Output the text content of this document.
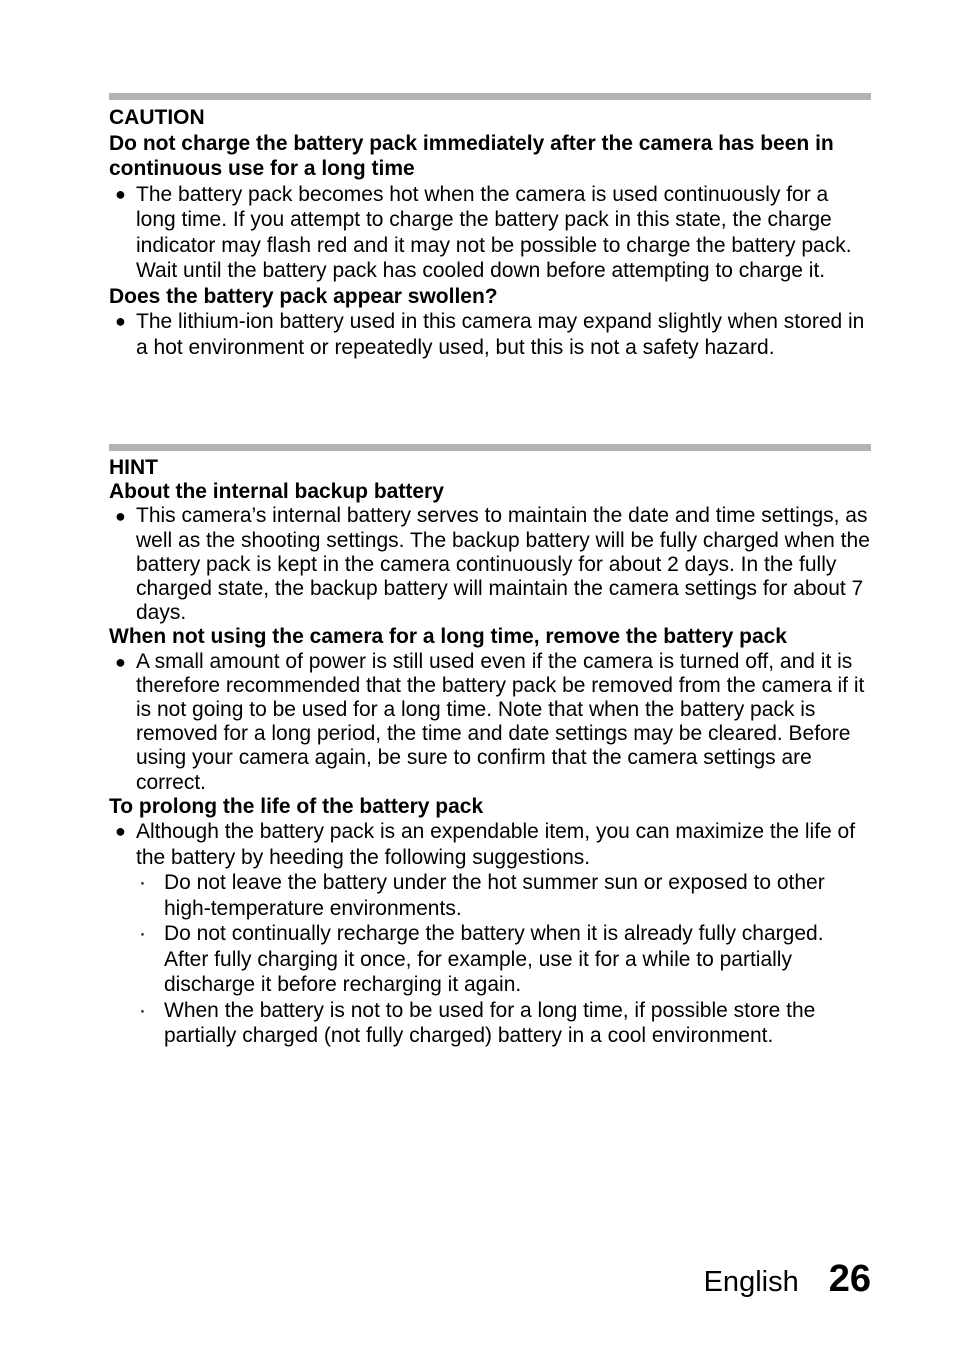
CAUTION

Do not charge the battery pack immediately after the camera has been in continuous use for a long time

● The battery pack becomes hot when the camera is used continuously for a long time. If you attempt to charge the battery pack in this state, the charge indicator may flash red and it may not be possible to charge the battery pack. Wait until the battery pack has cooled down before attempting to charge it.

Does the battery pack appear swollen?

● The lithium-ion battery used in this camera may expand slightly when stored in a hot environment or repeatedly used, but this is not a safety hazard.

HINT

About the internal backup battery

● This camera’s internal battery serves to maintain the date and time settings, as well as the shooting settings. The backup battery will be fully charged when the battery pack is kept in the camera continuously for about 2 days. In the fully charged state, the backup battery will maintain the camera settings for about 7 days.

When not using the camera for a long time, remove the battery pack

● A small amount of power is still used even if the camera is turned off, and it is therefore recommended that the battery pack be removed from the camera if it is not going to be used for a long time. Note that when the battery pack is removed for a long period, the time and date settings may be cleared. Before using your camera again, be sure to confirm that the camera settings are correct.

To prolong the life of the battery pack

● Although the battery pack is an expendable item, you can maximize the life of the battery by heeding the following suggestions.
· Do not leave the battery under the hot summer sun or exposed to other high-temperature environments.
· Do not continually recharge the battery when it is already fully charged. After fully charging it once, for example, use it for a while to partially discharge it before recharging it again.
· When the battery is not to be used for a long time, if possible store the partially charged (not fully charged) battery in a cool environment.
English 26
